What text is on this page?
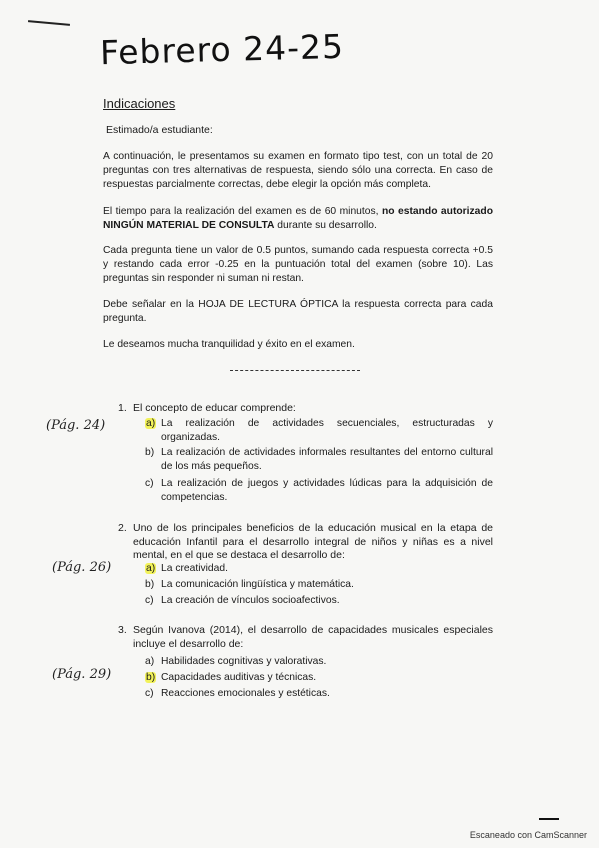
Febrero 24-25
Indicaciones
Estimado/a estudiante:

A continuación, le presentamos su examen en formato tipo test, con un total de 20 preguntas con tres alternativas de respuesta, siendo sólo una correcta. En caso de respuestas parcialmente correctas, debe elegir la opción más completa.

El tiempo para la realización del examen es de 60 minutos, no estando autorizado NINGÚN MATERIAL DE CONSULTA durante su desarrollo.

Cada pregunta tiene un valor de 0.5 puntos, sumando cada respuesta correcta +0.5 y restando cada error -0.25 en la puntuación total del examen (sobre 10). Las preguntas sin responder ni suman ni restan.

Debe señalar en la HOJA DE LECTURA ÓPTICA la respuesta correcta para cada pregunta.

Le deseamos mucha tranquilidad y éxito en el examen.

(Pág. 24)
1. El concepto de educar comprende:
a) La realización de actividades secuenciales, estructuradas y organizadas.
b) La realización de actividades informales resultantes del entorno cultural de los más pequeños.
c) La realización de juegos y actividades lúdicas para la adquisición de competencias.
2. Uno de los principales beneficios de la educación musical en la etapa de educación Infantil para el desarrollo integral de niños y niñas es a nivel mental, en el que se destaca el desarrollo de:
(Pág. 26)	a) La creatividad.
b) La comunicación lingüística y matemática.
c) La creación de vínculos socioafectivos.
3. Según Ivanova (2014), el desarrollo de capacidades musicales especiales incluye el desarrollo de:
a) Habilidades cognitivas y valorativas.
(Pág. 29)	b) Capacidades auditivas y técnicas.
c) Reacciones emocionales y estéticas.
Escaneado con CamScanner
